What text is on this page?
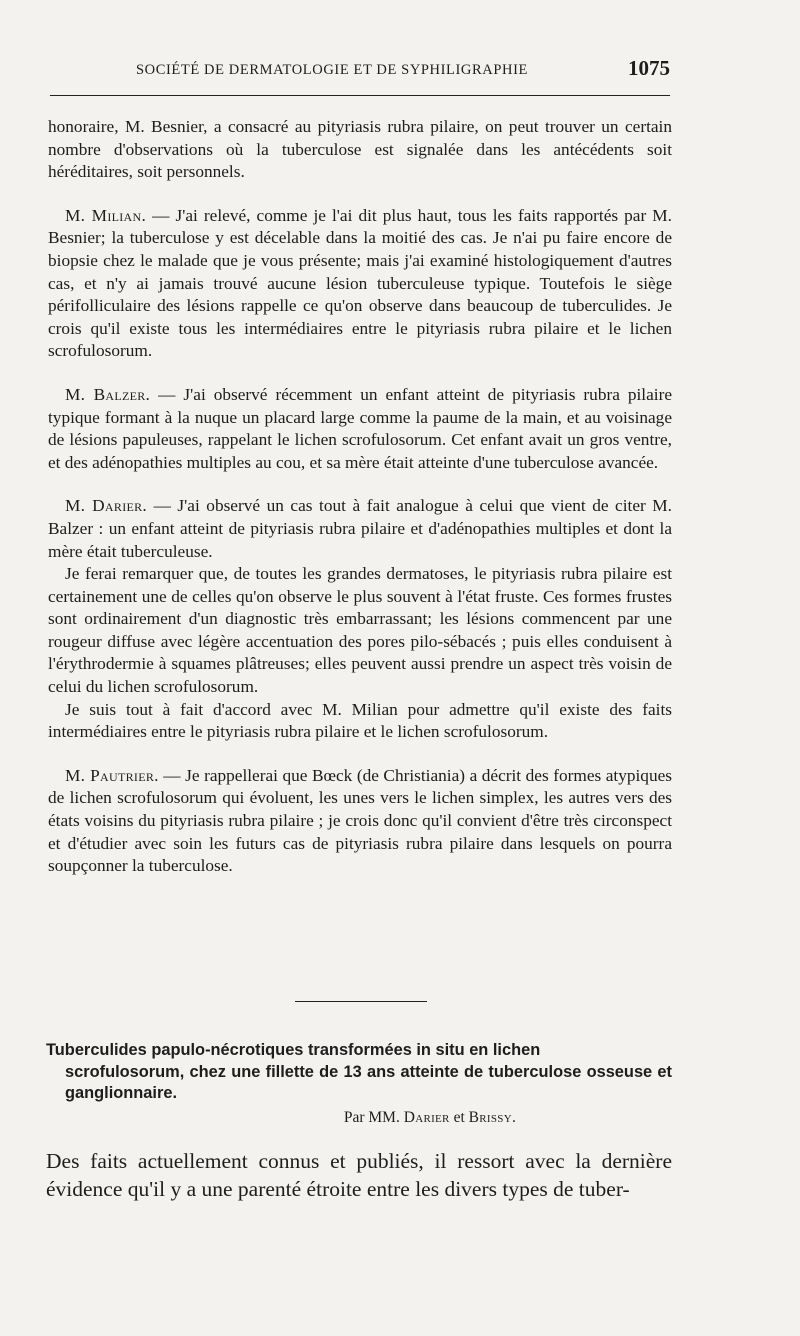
SOCIÉTÉ DE DERMATOLOGIE ET DE SYPHILIGRAPHIE	1075

honoraire, M. Besnier, a consacré au pityriasis rubra pilaire, on peut trouver un certain nombre d'observations où la tuberculose est signalée dans les antécédents soit héréditaires, soit personnels.

M. Milian. — J'ai relevé, comme je l'ai dit plus haut, tous les faits rapportés par M. Besnier; la tuberculose y est décelable dans la moitié des cas. Je n'ai pu faire encore de biopsie chez le malade que je vous présente; mais j'ai examiné histologiquement d'autres cas, et n'y ai jamais trouvé aucune lésion tuberculeuse typique. Toutefois le siège périfolliculaire des lésions rappelle ce qu'on observe dans beaucoup de tuberculides. Je crois qu'il existe tous les intermédiaires entre le pityriasis rubra pilaire et le lichen scrofulosorum.

M. Balzer. — J'ai observé récemment un enfant atteint de pityriasis rubra pilaire typique formant à la nuque un placard large comme la paume de la main, et au voisinage de lésions papuleuses, rappelant le lichen scrofulosorum. Cet enfant avait un gros ventre, et des adénopathies multiples au cou, et sa mère était atteinte d'une tuberculose avancée.

M. Darier. — J'ai observé un cas tout à fait analogue à celui que vient de citer M. Balzer : un enfant atteint de pityriasis rubra pilaire et d'adénopathies multiples et dont la mère était tuberculeuse.

Je ferai remarquer que, de toutes les grandes dermatoses, le pityriasis rubra pilaire est certainement une de celles qu'on observe le plus souvent à l'état fruste. Ces formes frustes sont ordinairement d'un diagnostic très embarrassant; les lésions commencent par une rougeur diffuse avec légère accentuation des pores pilo-sébacés ; puis elles conduisent à l'érythrodermie à squames plâtreuses; elles peuvent aussi prendre un aspect très voisin de celui du lichen scrofulosorum.

Je suis tout à fait d'accord avec M. Milian pour admettre qu'il existe des faits intermédiaires entre le pityriasis rubra pilaire et le lichen scrofulosorum.

M. Pautrier. — Je rappellerai que Bœck (de Christiania) a décrit des formes atypiques de lichen scrofulosorum qui évoluent, les unes vers le lichen simplex, les autres vers des états voisins du pityriasis rubra pilaire ; je crois donc qu'il convient d'être très circonspect et d'étudier avec soin les futurs cas de pityriasis rubra pilaire dans lesquels on pourra soupçonner la tuberculose.

Tuberculides papulo-nécrotiques transformées in situ en lichen
scrofulosorum, chez une fillette de 13 ans atteinte de tuberculose osseuse et ganglionnaire.
Par MM. Darier et Brissy.

Des faits actuellement connus et publiés, il ressort avec la dernière évidence qu'il y a une parenté étroite entre les divers types de tuber-
